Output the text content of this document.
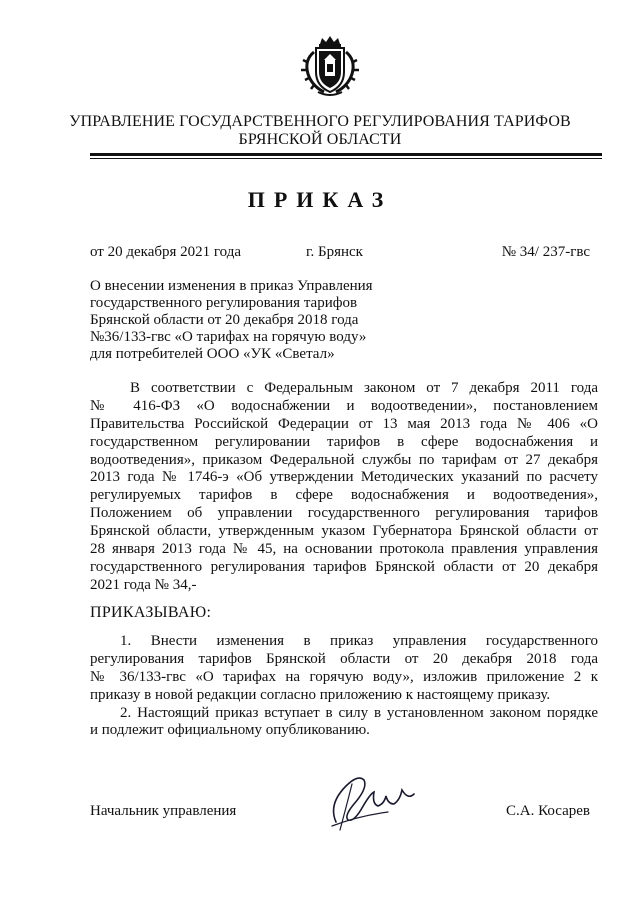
УПРАВЛЕНИЕ ГОСУДАРСТВЕННОГО РЕГУЛИРОВАНИЯ ТАРИФОВ
БРЯНСКОЙ ОБЛАСТИ
ПРИКАЗ
от 20 декабря 2021 года	г. Брянск	№ 34/ 237-гвс
О внесении изменения в приказ Управления
государственного регулирования тарифов
Брянской области от 20 декабря 2018 года
№36/133-гвс «О тарифах на горячую воду»
для потребителей ООО «УК «Светал»
В соответствии с Федеральным законом от 7 декабря 2011 года
№ 416-ФЗ «О водоснабжении и водоотведении», постановлением
Правительства Российской Федерации от 13 мая 2013 года № 406 «О
государственном регулировании тарифов в сфере водоснабжения и
водоотведения», приказом Федеральной службы по тарифам от 27 декабря
2013 года № 1746-э «Об утверждении Методических указаний по расчету
регулируемых тарифов в сфере водоснабжения и водоотведения»,
Положением об управлении государственного регулирования тарифов
Брянской области, утвержденным указом Губернатора Брянской области от
28 января 2013 года № 45, на основании протокола правления управления
государственного регулирования тарифов Брянской области от 20 декабря
2021 года № 34,-
ПРИКАЗЫВАЮ:
1. Внести изменения в приказ управления государственного
регулирования тарифов Брянской области от 20 декабря 2018 года
№ 36/133-гвс «О тарифах на горячую воду», изложив приложение 2 к
приказу в новой редакции согласно приложению к настоящему приказу.
2. Настоящий приказ вступает в силу в установленном законом порядке
и подлежит официальному опубликованию.
Начальник управления	С.А. Косарев
